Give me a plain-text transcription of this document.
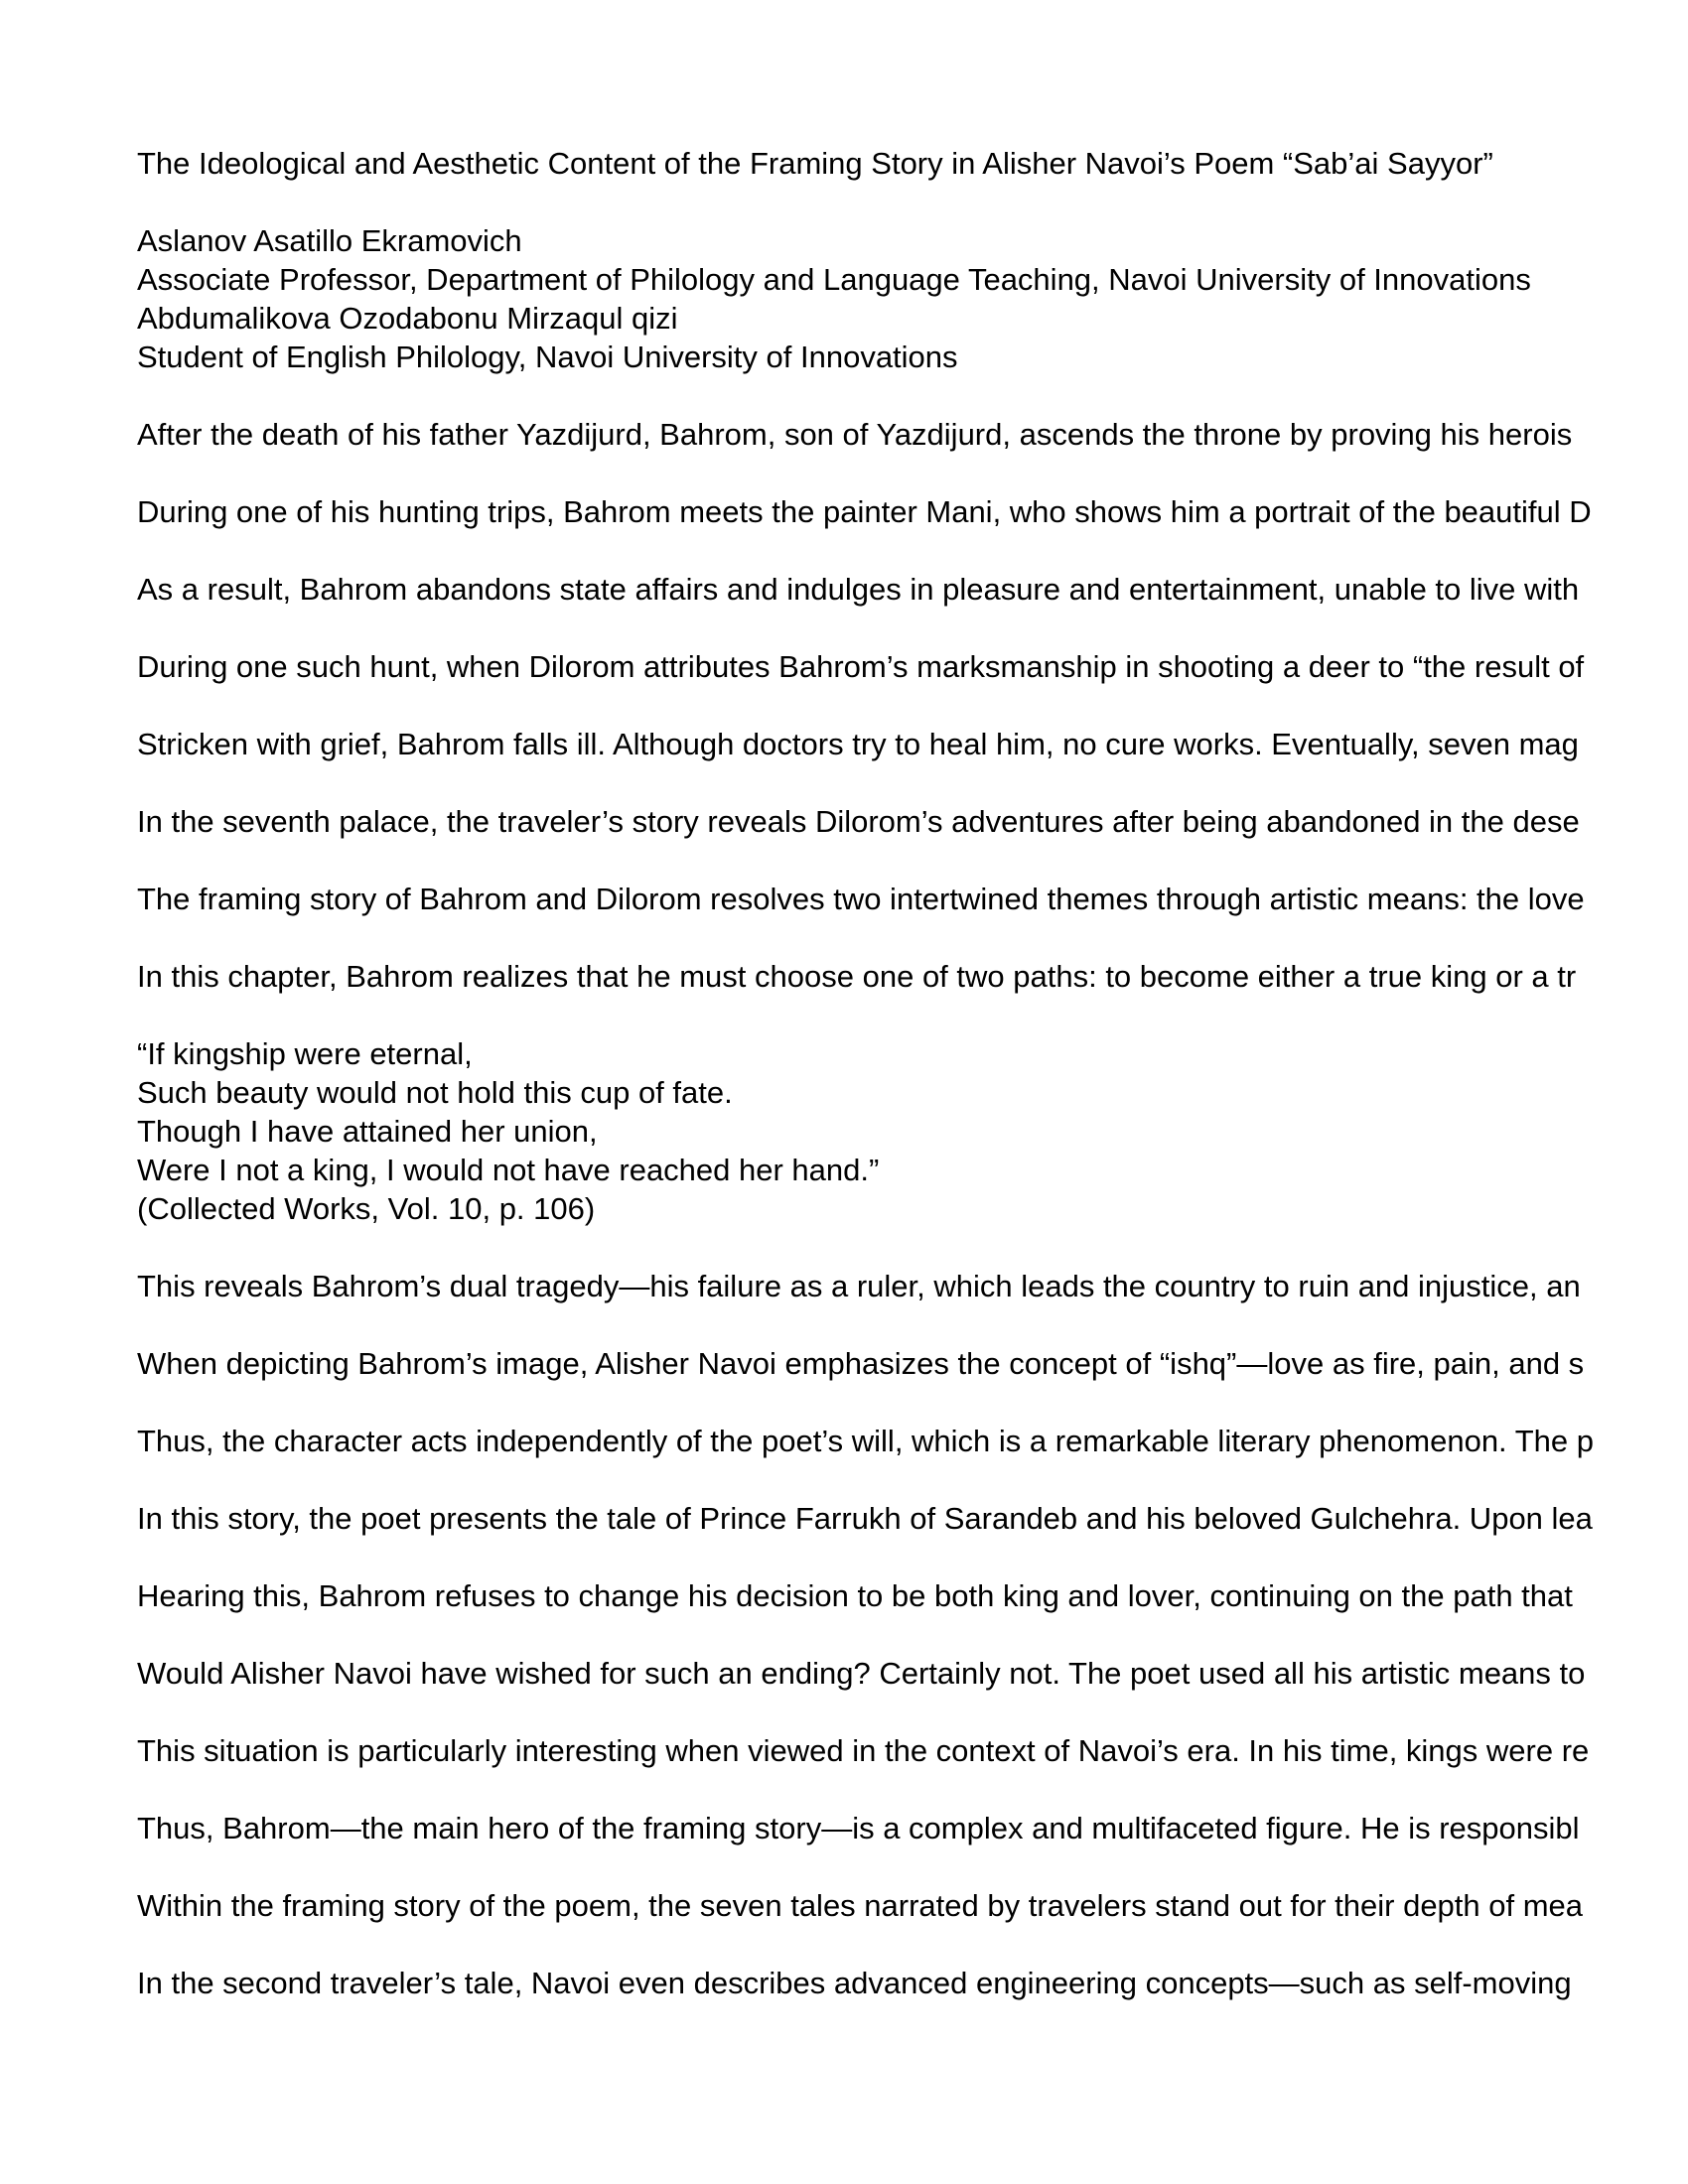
The Ideological and Aesthetic Content of the Framing Story in Alisher Navoi’s Poem “Sab’ai Sayyor”
Aslanov Asatillo Ekramovich
Associate Professor, Department of Philology and Language Teaching, Navoi University of Innovations
Abdumalikova Ozodabonu Mirzaqul qizi
Student of English Philology, Navoi University of Innovations
After the death of his father Yazdijurd, Bahrom, son of Yazdijurd, ascends the throne by proving his herois
During one of his hunting trips, Bahrom meets the painter Mani, who shows him a portrait of the beautiful D
As a result, Bahrom abandons state affairs and indulges in pleasure and entertainment, unable to live with
During one such hunt, when Dilorom attributes Bahrom’s marksmanship in shooting a deer to “the result of
Stricken with grief, Bahrom falls ill. Although doctors try to heal him, no cure works. Eventually, seven mag
In the seventh palace, the traveler’s story reveals Dilorom’s adventures after being abandoned in the dese
The framing story of Bahrom and Dilorom resolves two intertwined themes through artistic means: the love
In this chapter, Bahrom realizes that he must choose one of two paths: to become either a true king or a tr
“If kingship were eternal,
Such beauty would not hold this cup of fate.
Though I have attained her union,
Were I not a king, I would not have reached her hand.”
(Collected Works, Vol. 10, p. 106)
This reveals Bahrom’s dual tragedy—his failure as a ruler, which leads the country to ruin and injustice, an
When depicting Bahrom’s image, Alisher Navoi emphasizes the concept of “ishq”—love as fire, pain, and s
Thus, the character acts independently of the poet’s will, which is a remarkable literary phenomenon. The p
In this story, the poet presents the tale of Prince Farrukh of Sarandeb and his beloved Gulchehra. Upon lea
Hearing this, Bahrom refuses to change his decision to be both king and lover, continuing on the path that
Would Alisher Navoi have wished for such an ending? Certainly not. The poet used all his artistic means to
This situation is particularly interesting when viewed in the context of Navoi’s era. In his time, kings were re
Thus, Bahrom—the main hero of the framing story—is a complex and multifaceted figure. He is responsibl
Within the framing story of the poem, the seven tales narrated by travelers stand out for their depth of mea
In the second traveler’s tale, Navoi even describes advanced engineering concepts—such as self-moving
